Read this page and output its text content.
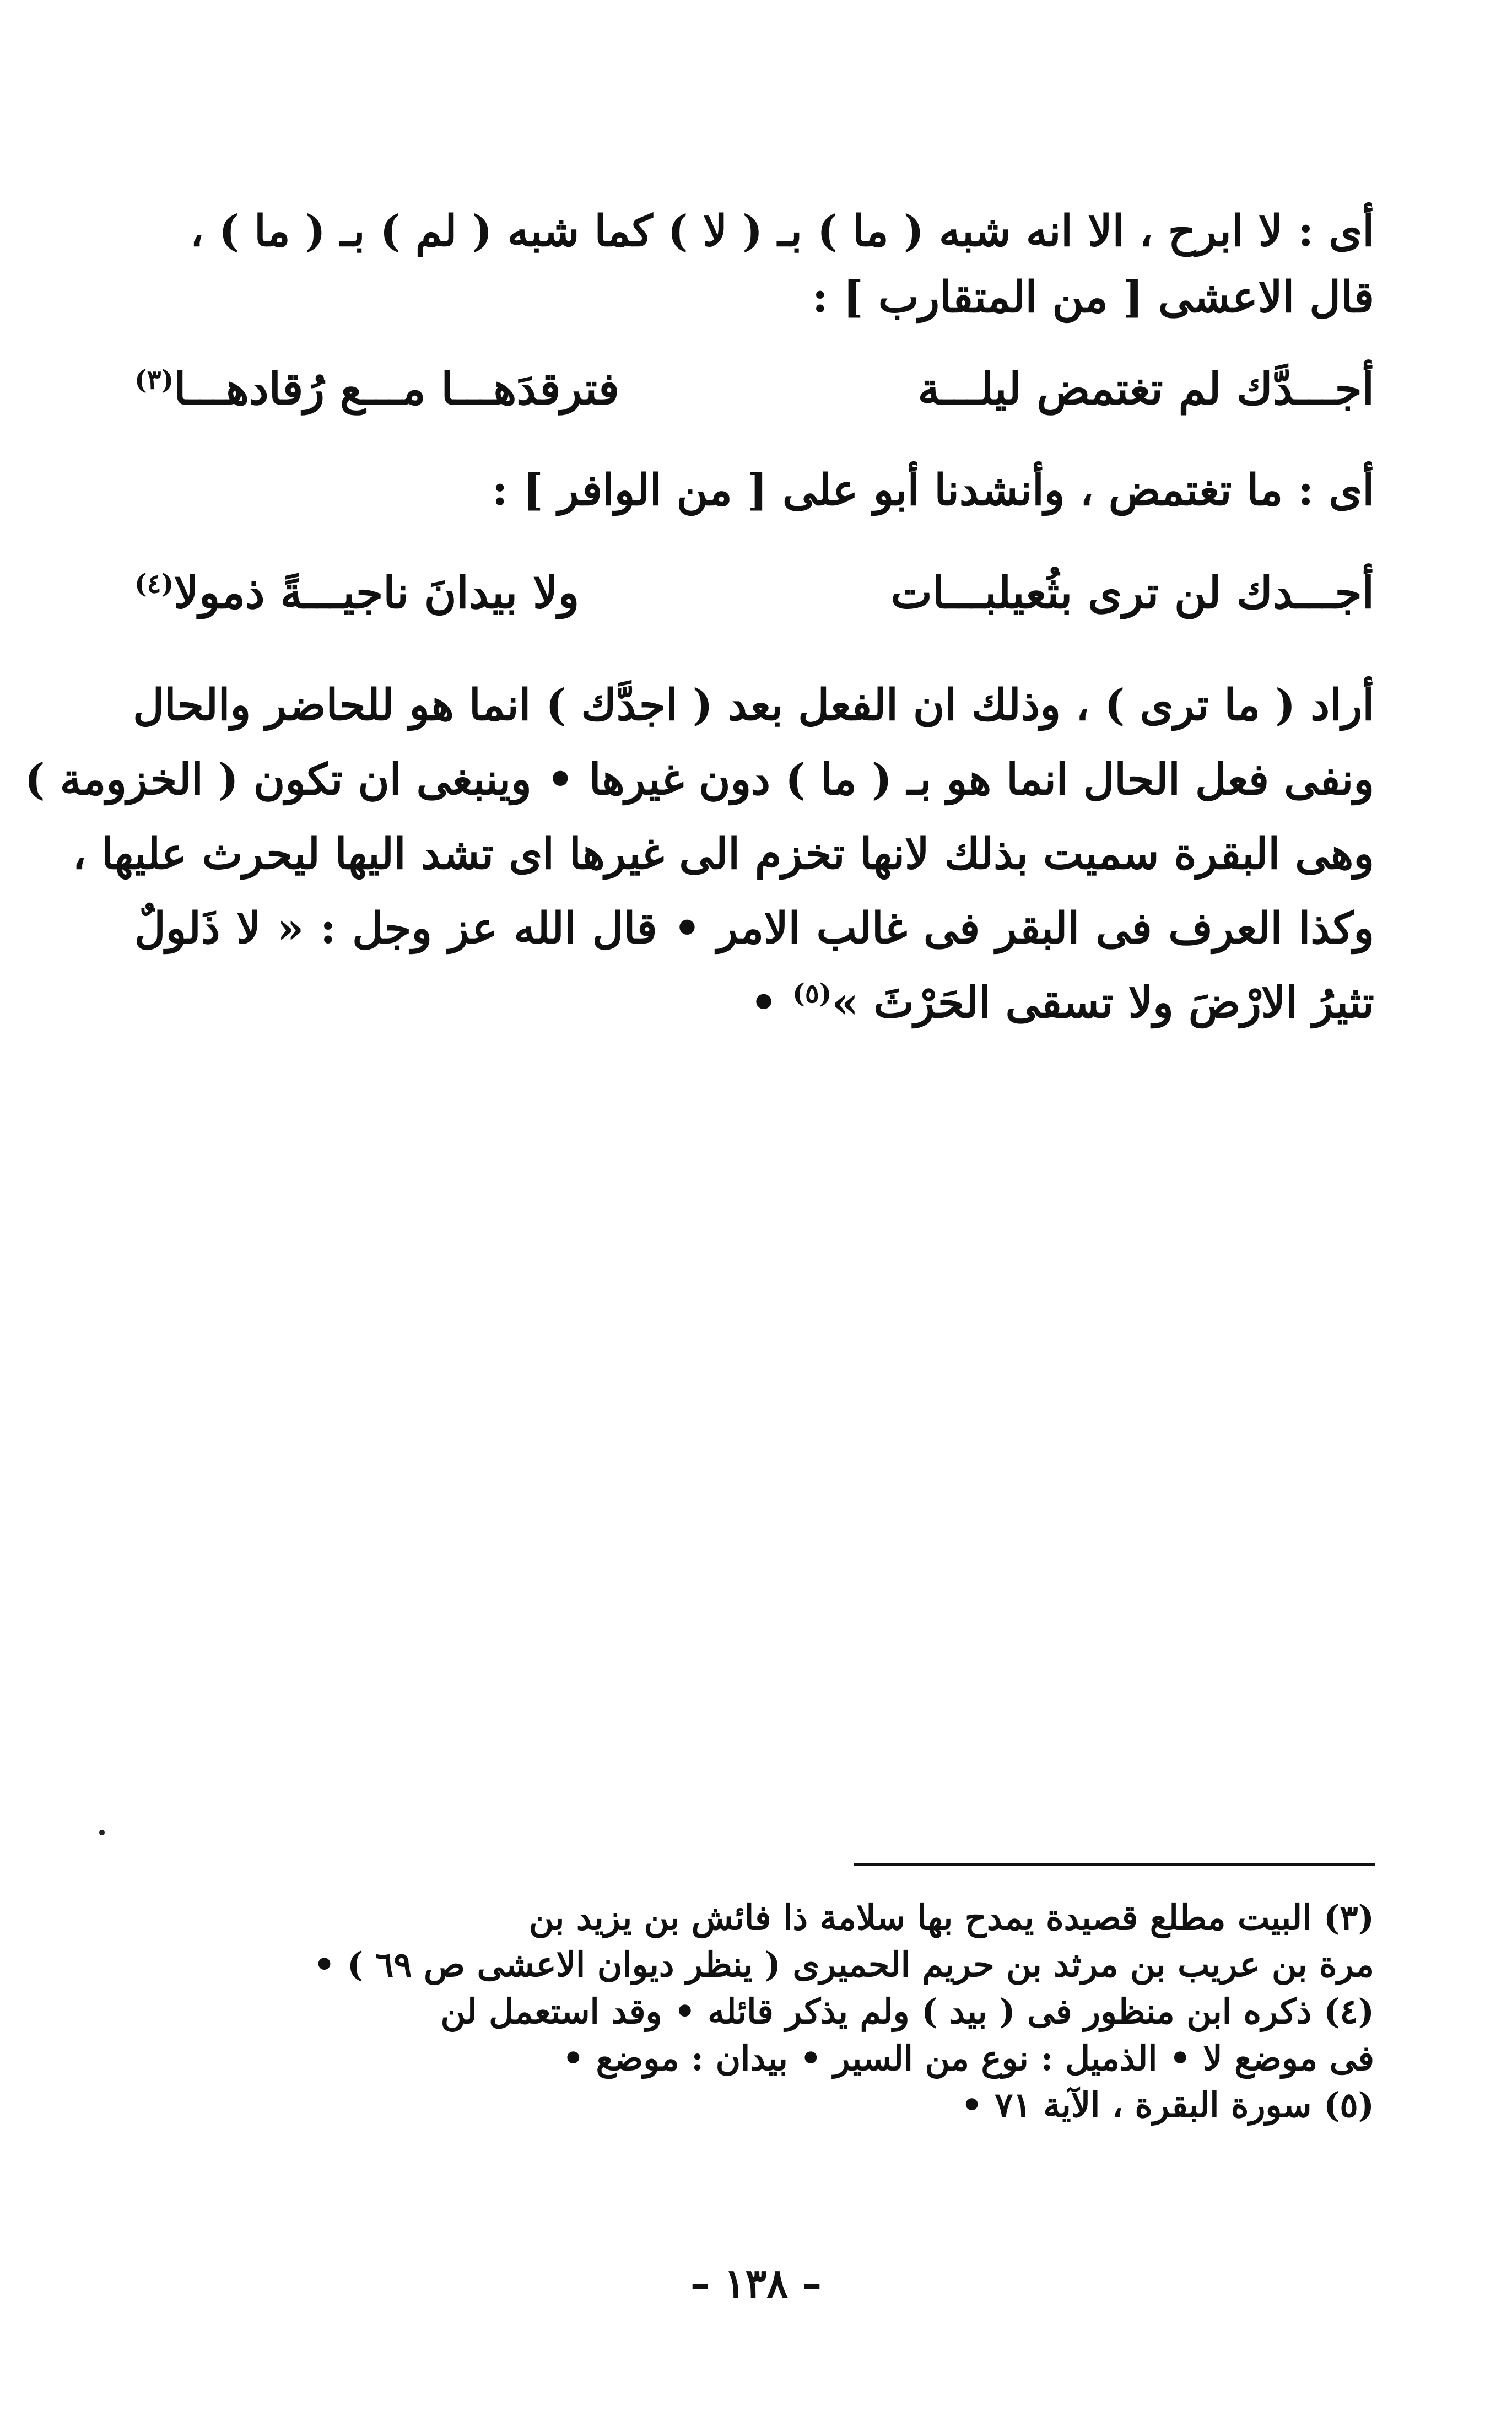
أى : لا ابرح ، الا انه شبه ( ما ) بـ ( لا ) كما شبه ( لم ) بـ ( ما ) ،
قال الاعشى [ من المتقارب ] :
أجـــدَّك لم تغتمض ليلـــة
فترقدَهـــا مـــع رُقادهـــا$^{(٣)}$
أى : ما تغتمض ، وأنشدنا أبو على [ من الوافر ] :
أجـــدك لن ترى بثُعيلبـــات
ولا بيدانَ ناجيـــةً ذمولا$^{(٤)}$
أراد ( ما ترى ) ، وذلك ان الفعل بعد ( اجدَّك ) انما هو للحاضر والحال
ونفى فعل الحال انما هو بـ ( ما ) دون غيرها • وينبغى ان تكون ( الخزومة )
وهى البقرة سميت بذلك لانها تخزم الى غيرها اى تشد اليها ليحرث عليها ،
وكذا العرف فى البقر فى غالب الامر • قال الله عز وجل : « لا ذَلولٌ
تثيرُ الارْضَ ولا تسقى الحَرْثَ »$^{(٥)}$ •
(٣) البيت مطلع قصيدة يمدح بها سلامة ذا فائش بن يزيد بن
مرة بن عريب بن مرثد بن حريم الحميرى ( ينظر ديوان الاعشى ص ٦٩ ) •
(٤) ذكره ابن منظور فى ( بيد ) ولم يذكر قائله • وقد استعمل لن
فى موضع لا • الذميل : نوع من السير • بيدان : موضع •
(٥) سورة البقرة ، الآية ٧١ •
– ١٣٨ –
